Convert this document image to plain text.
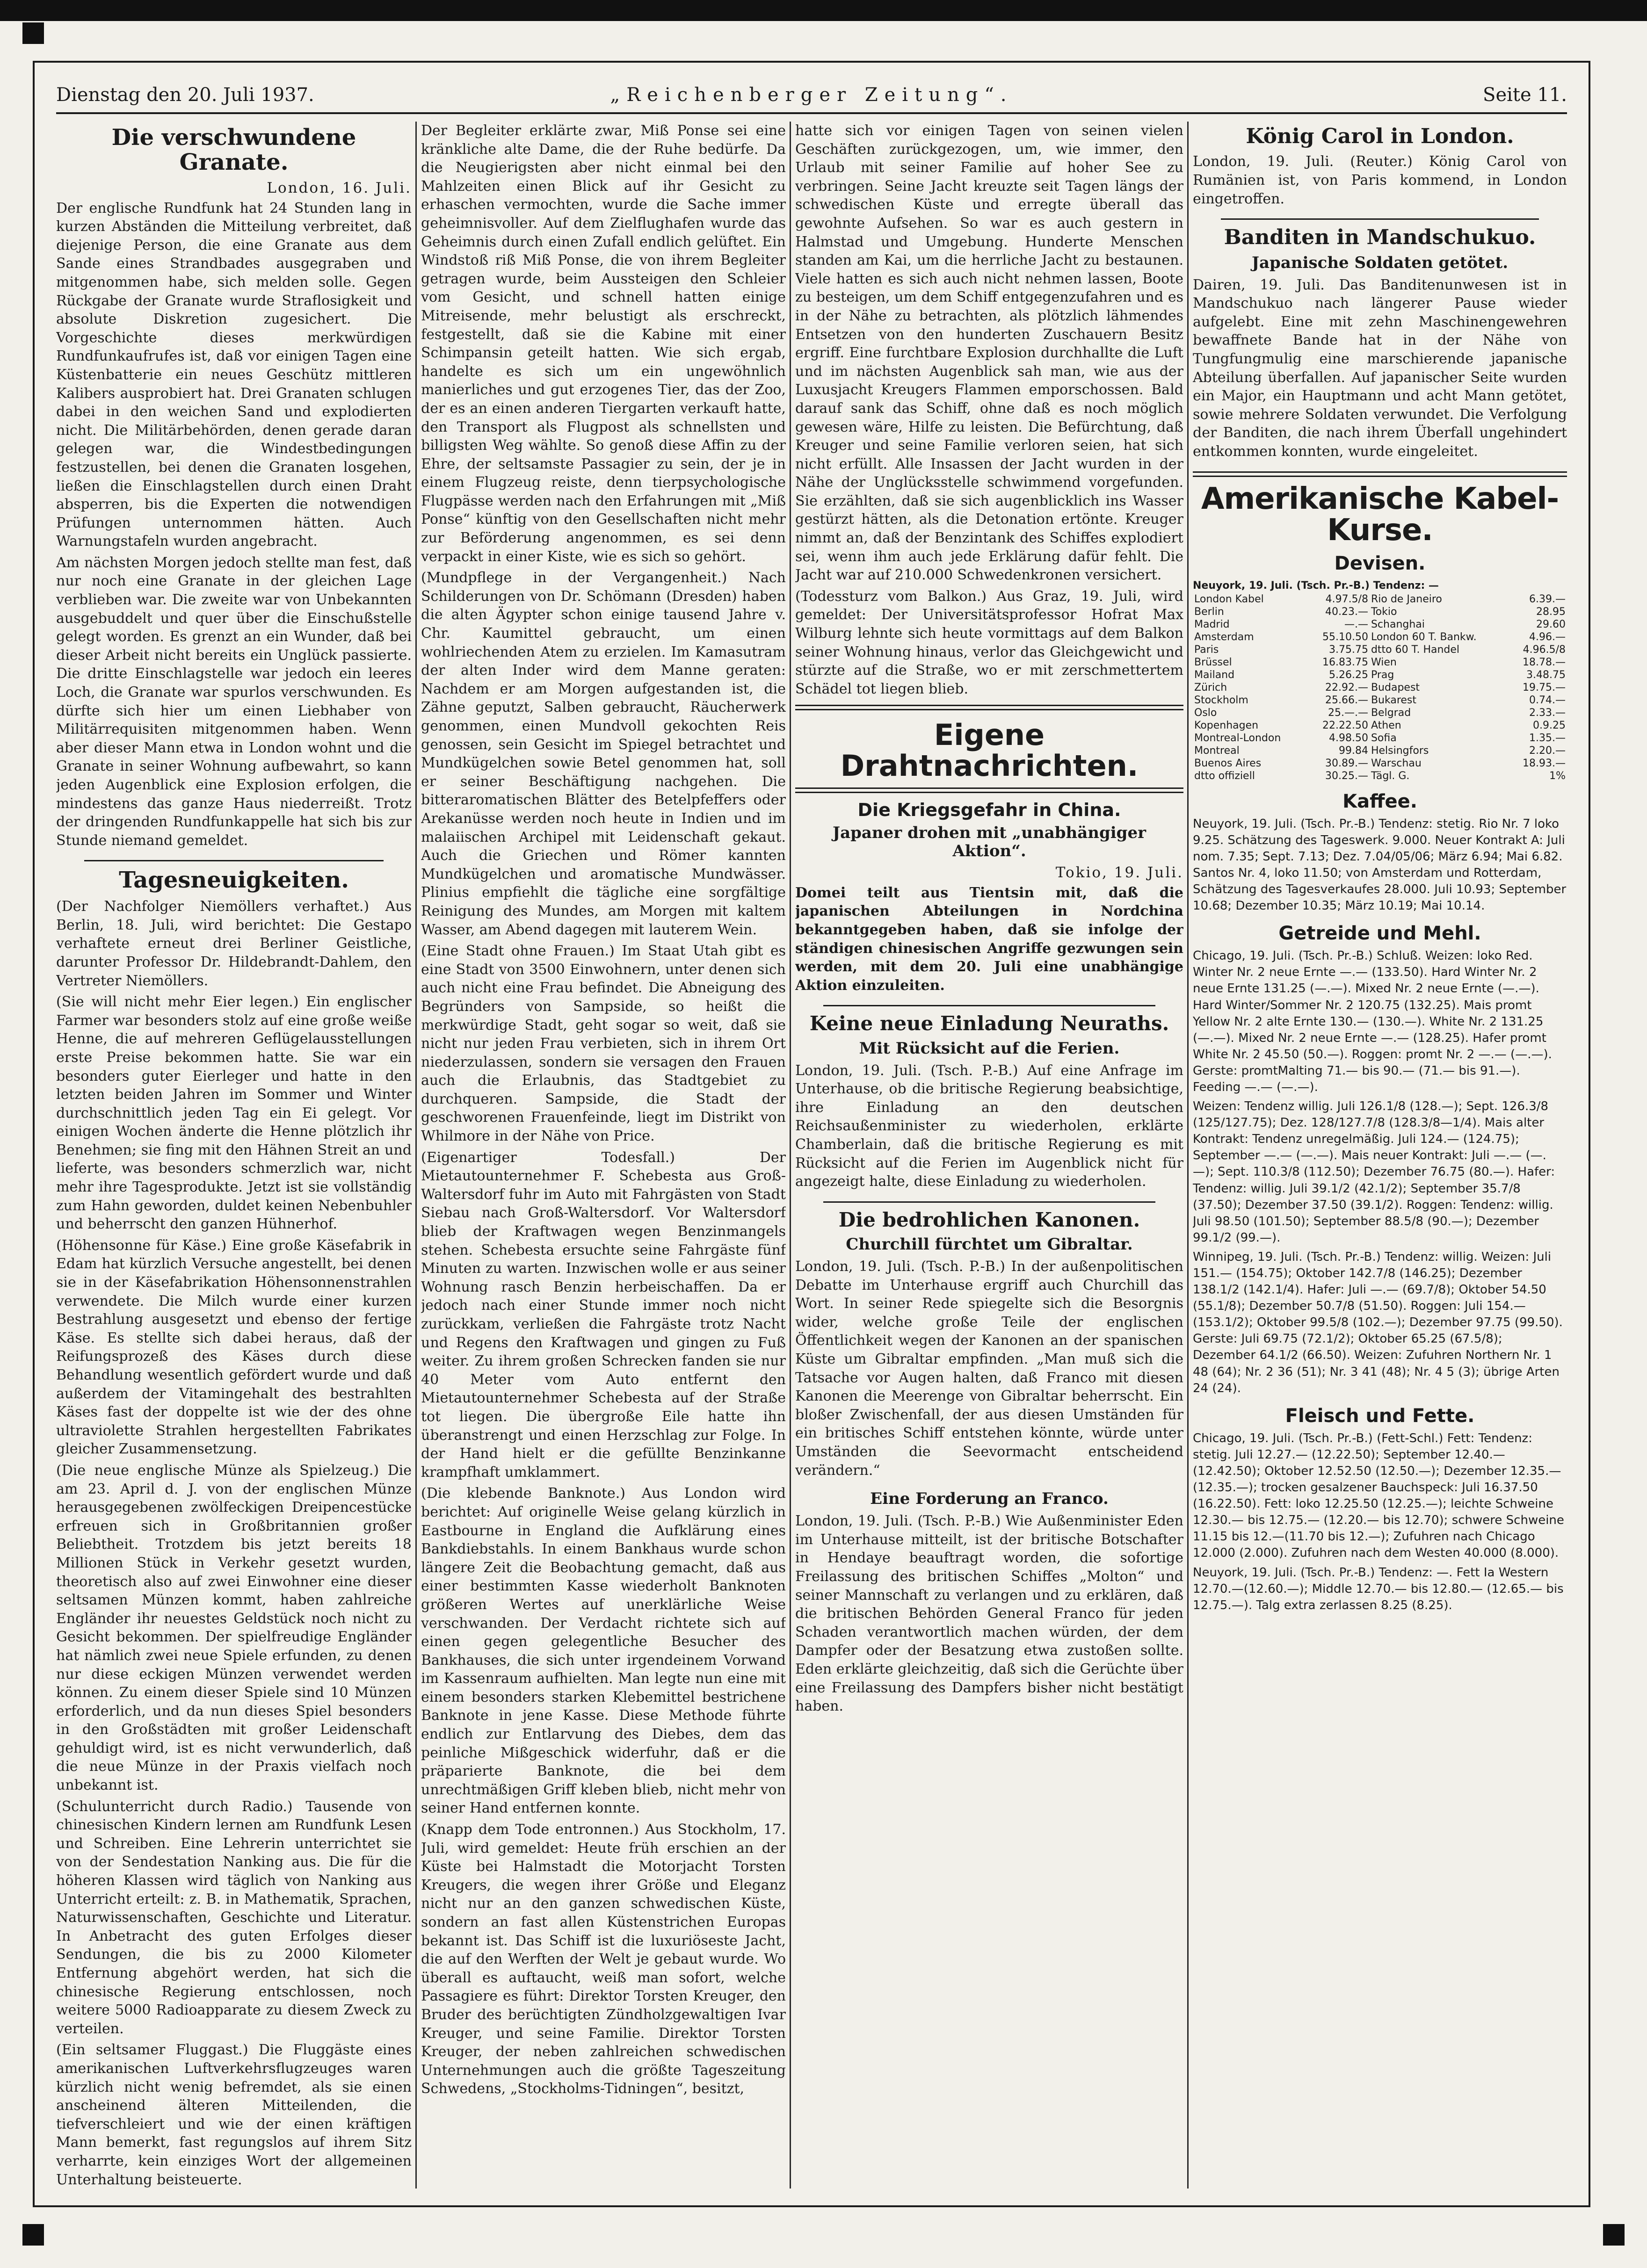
Dienstag den 20. Juli 1937.	„Reichenberger Zeitung“.	Seite 11.
Die verschwundene Granate.
London, 16. Juli.

Der englische Rundfunk hat 24 Stunden lang in kurzen Abständen die Mitteilung verbreitet, daß diejenige Person, die eine Granate aus dem Sande eines Strandbades ausgegraben und mitgenommen habe, sich melden solle. Gegen Rückgabe der Granate wurde Straflosigkeit und absolute Diskretion zugesichert. Die Vorgeschichte dieses merkwürdigen Rundfunkaufrufes ist, daß vor einigen Tagen eine Küstenbatterie ein neues Geschütz mittleren Kalibers ausprobiert hat. Drei Granaten schlugen dabei in den weichen Sand und explodierten nicht. Die Militärbehörden, denen gerade daran gelegen war, die Windestbedingungen festzustellen, bei denen die Granaten losgehen, ließen die Einschlagstellen durch einen Draht absperren, bis die Experten die notwendigen Prüfungen unternommen hätten. Auch Warnungstafeln wurden angebracht.

Am nächsten Morgen jedoch stellte man fest, daß nur noch eine Granate in der gleichen Lage verblieben war. Die zweite war von Unbekannten ausgebuddelt und quer über die Einschußstelle gelegt worden. Es grenzt an ein Wunder, daß bei dieser Arbeit nicht bereits ein Unglück passierte. Die dritte Einschlagstelle war jedoch ein leeres Loch, die Granate war spurlos verschwunden. Es dürfte sich hier um einen Liebhaber von Militärrequisiten mitgenommen haben. Wenn aber dieser Mann etwa in London wohnt und die Granate in seiner Wohnung aufbewahrt, so kann jeden Augenblick eine Explosion erfolgen, die mindestens das ganze Haus niederreißt. Trotz der dringenden Rundfunkappelle hat sich bis zur Stunde niemand gemeldet.

Tagesneuigkeiten.

(Der Nachfolger Niemöllers verhaftet.) Aus Berlin, 18. Juli, wird berichtet: Die Gestapo verhaftete erneut drei Berliner Geistliche, darunter Professor Dr. Hildebrandt-Dahlem, den Vertreter Niemöllers.

(Sie will nicht mehr Eier legen.) Ein englischer Farmer war besonders stolz auf eine große weiße Henne, die auf mehreren Geflügelausstellungen erste Preise bekommen hatte. Sie war ein besonders guter Eierleger und hatte in den letzten beiden Jahren im Sommer und Winter durchschnittlich jeden Tag ein Ei gelegt. Vor einigen Wochen änderte die Henne plötzlich ihr Benehmen; sie fing mit den Hähnen Streit an und lieferte, was besonders schmerzlich war, nicht mehr ihre Tagesprodukte. Jetzt ist sie vollständig zum Hahn geworden, duldet keinen Nebenbuhler und beherrscht den ganzen Hühnerhof.

(Höhensonne für Käse.) Eine große Käsefabrik in Edam hat kürzlich Versuche angestellt, bei denen sie in der Käsefabrikation Höhensonnenstrahlen verwendete. Die Milch wurde einer kurzen Bestrahlung ausgesetzt und ebenso der fertige Käse. Es stellte sich dabei heraus, daß der Reifungsprozeß des Käses durch diese Behandlung wesentlich gefördert wurde und daß außerdem der Vitamingehalt des bestrahlten Käses fast der doppelte ist wie der des ohne ultraviolette Strahlen hergestellten Fabrikates gleicher Zusammensetzung.

(Die neue englische Münze als Spielzeug.) Die am 23. April d. J. von der englischen Münze herausgegebenen zwölfeckigen Dreipencestücke erfreuen sich in Großbritannien großer Beliebtheit. Trotzdem bis jetzt bereits 18 Millionen Stück in Verkehr gesetzt wurden, theoretisch also auf zwei Einwohner eine dieser seltsamen Münzen kommt, haben zahlreiche Engländer ihr neuestes Geldstück noch nicht zu Gesicht bekommen. Der spielfreudige Engländer hat nämlich zwei neue Spiele erfunden, zu denen nur diese eckigen Münzen verwendet werden können. Zu einem dieser Spiele sind 10 Münzen erforderlich, und da nun dieses Spiel besonders in den Großstädten mit großer Leidenschaft gehuldigt wird, ist es nicht verwunderlich, daß die neue Münze in der Praxis vielfach noch unbekannt ist.

(Schulunterricht durch Radio.) Tausende von chinesischen Kindern lernen am Rundfunk Lesen und Schreiben. Eine Lehrerin unterrichtet sie von der Sendestation Nanking aus. Die für die höheren Klassen wird täglich von Nanking aus Unterricht erteilt: z. B. in Mathematik, Sprachen, Naturwissenschaften, Geschichte und Literatur. In Anbetracht des guten Erfolges dieser Sendungen, die bis zu 2000 Kilometer Entfernung abgehört werden, hat sich die chinesische Regierung entschlossen, noch weitere 5000 Radioapparate zu diesem Zweck zu verteilen.

(Ein seltsamer Fluggast.) Die Fluggäste eines amerikanischen Luftverkehrsflugzeuges waren kürzlich nicht wenig befremdet, als sie einen anscheinend älteren Mitteilenden, die tiefverschleiert und wie der einen kräftigen Mann bemerkt, fast regungslos auf ihrem Sitz verharrte, kein einziges Wort der allgemeinen Unterhaltung beisteuerte.

Der Begleiter erklärte zwar, Miß Ponse sei eine kränkliche alte Dame, die der Ruhe bedürfe. Da die Neugierigsten aber nicht einmal bei den Mahlzeiten einen Blick auf ihr Gesicht zu erhaschen vermochten, wurde die Sache immer geheimnisvoller. Auf dem Zielflughafen wurde das Geheimnis durch einen Zufall endlich gelüftet. Ein Windstoß riß Miß Ponse, die von ihrem Begleiter getragen wurde, beim Aussteigen den Schleier vom Gesicht, und schnell hatten einige Mitreisende, mehr belustigt als erschreckt, festgestellt, daß sie die Kabine mit einer Schimpansin geteilt hatten. Wie sich ergab, handelte es sich um ein ungewöhnlich manierliches und gut erzogenes Tier, das der Zoo, der es an einen anderen Tiergarten verkauft hatte, den Transport als Flugpost als schnellsten und billigsten Weg wählte. So genoß diese Affin zu der Ehre, der seltsamste Passagier zu sein, der je in einem Flugzeug reiste, denn tierpsychologische Flugpässe werden nach den Erfahrungen mit „Miß Ponse“ künftig von den Gesellschaften nicht mehr zur Beförderung angenommen, es sei denn verpackt in einer Kiste, wie es sich so gehört.

(Mundpflege in der Vergangenheit.) Nach Schilderungen von Dr. Schömann (Dresden) haben die alten Ägypter schon einige tausend Jahre v. Chr. Kaumittel gebraucht, um einen wohlriechenden Atem zu erzielen. Im Kamasutram der alten Inder wird dem Manne geraten: Nachdem er am Morgen aufgestanden ist, die Zähne geputzt, Salben gebraucht, Räucherwerk genommen, einen Mundvoll gekochten Reis genossen, sein Gesicht im Spiegel betrachtet und Mundkügelchen sowie Betel genommen hat, soll er seiner Beschäftigung nachgehen. Die bitteraromatischen Blätter des Betelpfeffers oder Arekanüsse werden noch heute in Indien und im malaiischen Archipel mit Leidenschaft gekaut. Auch die Griechen und Römer kannten Mundkügelchen und aromatische Mundwässer. Plinius empfiehlt die tägliche eine sorgfältige Reinigung des Mundes, am Morgen mit kaltem Wasser, am Abend dagegen mit lauterem Wein.

(Eine Stadt ohne Frauen.) Im Staat Utah gibt es eine Stadt von 3500 Einwohnern, unter denen sich auch nicht eine Frau befindet. Die Abneigung des Begründers von Sampside, so heißt die merkwürdige Stadt, geht sogar so weit, daß sie nicht nur jeden Frau verbieten, sich in ihrem Ort niederzulassen, sondern sie versagen den Frauen auch die Erlaubnis, das Stadtgebiet zu durchqueren. Sampside, die Stadt der geschworenen Frauenfeinde, liegt im Distrikt von Whilmore in der Nähe von Price.

(Eigenartiger Todesfall.) Der Mietautounternehmer F. Schebesta aus Groß-Waltersdorf fuhr im Auto mit Fahrgästen von Stadt Siebau nach Groß-Waltersdorf. Vor Waltersdorf blieb der Kraftwagen wegen Benzinmangels stehen. Schebesta ersuchte seine Fahrgäste fünf Minuten zu warten. Inzwischen wolle er aus seiner Wohnung rasch Benzin herbeischaffen. Da er jedoch nach einer Stunde immer noch nicht zurückkam, verließen die Fahrgäste trotz Nacht und Regens den Kraftwagen und gingen zu Fuß weiter. Zu ihrem großen Schrecken fanden sie nur 40 Meter vom Auto entfernt den Mietautounternehmer Schebesta auf der Straße tot liegen. Die übergroße Eile hatte ihn überanstrengt und einen Herzschlag zur Folge. In der Hand hielt er die gefüllte Benzinkanne krampfhaft umklammert.

(Die klebende Banknote.) Aus London wird berichtet: Auf originelle Weise gelang kürzlich in Eastbourne in England die Aufklärung eines Bankdiebstahls. In einem Bankhaus wurde schon längere Zeit die Beobachtung gemacht, daß aus einer bestimmten Kasse wiederholt Banknoten größeren Wertes auf unerklärliche Weise verschwanden. Der Verdacht richtete sich auf einen gegen gelegentliche Besucher des Bankhauses, die sich unter irgendeinem Vorwand im Kassenraum aufhielten. Man legte nun eine mit einem besonders starken Klebemittel bestrichene Banknote in jene Kasse. Diese Methode führte endlich zur Entlarvung des Diebes, dem das peinliche Mißgeschick widerfuhr, daß er die präparierte Banknote, die bei dem unrechtmäßigen Griff kleben blieb, nicht mehr von seiner Hand entfernen konnte.

(Knapp dem Tode entronnen.) Aus Stockholm, 17. Juli, wird gemeldet: Heute früh erschien an der Küste bei Halmstadt die Motorjacht Torsten Kreugers, die wegen ihrer Größe und Eleganz nicht nur an den ganzen schwedischen Küste, sondern an fast allen Küstenstrichen Europas bekannt ist. Das Schiff ist die luxuriöseste Jacht, die auf den Werften der Welt je gebaut wurde. Wo überall es auftaucht, weiß man sofort, welche Passagiere es führt: Direktor Torsten Kreuger, den Bruder des berüchtigten Zündholzgewaltigen Ivar Kreuger, und seine Familie. Direktor Torsten Kreuger, der neben zahlreichen schwedischen Unternehmungen auch die größte Tageszeitung Schwedens, „Stockholms-Tidningen“, besitzt,

hatte sich vor einigen Tagen von seinen vielen Geschäften zurückgezogen, um, wie immer, den Urlaub mit seiner Familie auf hoher See zu verbringen. Seine Jacht kreuzte seit Tagen längs der schwedischen Küste und erregte überall das gewohnte Aufsehen. So war es auch gestern in Halmstad und Umgebung. Hunderte Menschen standen am Kai, um die herrliche Jacht zu bestaunen. Viele hatten es sich auch nicht nehmen lassen, Boote zu besteigen, um dem Schiff entgegenzufahren und es in der Nähe zu betrachten, als plötzlich lähmendes Entsetzen von den hunderten Zuschauern Besitz ergriff. Eine furchtbare Explosion durchhallte die Luft und im nächsten Augenblick sah man, wie aus der Luxusjacht Kreugers Flammen emporschossen. Bald darauf sank das Schiff, ohne daß es noch möglich gewesen wäre, Hilfe zu leisten. Die Befürchtung, daß Kreuger und seine Familie verloren seien, hat sich nicht erfüllt. Alle Insassen der Jacht wurden in der Nähe der Unglücksstelle schwimmend vorgefunden. Sie erzählten, daß sie sich augenblicklich ins Wasser gestürzt hätten, als die Detonation ertönte. Kreuger nimmt an, daß der Benzintank des Schiffes explodiert sei, wenn ihm auch jede Erklärung dafür fehlt. Die Jacht war auf 210.000 Schwedenkronen versichert.

(Todessturz vom Balkon.) Aus Graz, 19. Juli, wird gemeldet: Der Universitätsprofessor Hofrat Max Wilburg lehnte sich heute vormittags auf dem Balkon seiner Wohnung hinaus, verlor das Gleichgewicht und stürzte auf die Straße, wo er mit zerschmettertem Schädel tot liegen blieb.

Eigene Drahtnachrichten.
Die Kriegsgefahr in China.
Japaner drohen mit „unabhängiger Aktion“.
Tokio, 19. Juli.

Domei teilt aus Tientsin mit, daß die japanischen Abteilungen in Nordchina bekanntgegeben haben, daß sie infolge der ständigen chinesischen Angriffe gezwungen sein werden, mit dem 20. Juli eine unabhängige Aktion einzuleiten.

Keine neue Einladung Neuraths.
Mit Rücksicht auf die Ferien.

London, 19. Juli. (Tsch. P.-B.) Auf eine Anfrage im Unterhause, ob die britische Regierung beabsichtige, ihre Einladung an den deutschen Reichsaußenminister zu wiederholen, erklärte Chamberlain, daß die britische Regierung es mit Rücksicht auf die Ferien im Augenblick nicht für angezeigt halte, diese Einladung zu wiederholen.

Die bedrohlichen Kanonen.
Churchill fürchtet um Gibraltar.

London, 19. Juli. (Tsch. P.-B.) In der außenpolitischen Debatte im Unterhause ergriff auch Churchill das Wort. In seiner Rede spiegelte sich die Besorgnis wider, welche große Teile der englischen Öffentlichkeit wegen der Kanonen an der spanischen Küste um Gibraltar empfinden. „Man muß sich die Tatsache vor Augen halten, daß Franco mit diesen Kanonen die Meerenge von Gibraltar beherrscht. Ein bloßer Zwischenfall, der aus diesen Umständen für ein britisches Schiff entstehen könnte, würde unter Umständen die Seevormacht entscheidend verändern.“

Eine Forderung an Franco.

London, 19. Juli. (Tsch. P.-B.) Wie Außenminister Eden im Unterhause mitteilt, ist der britische Botschafter in Hendaye beauftragt worden, die sofortige Freilassung des britischen Schiffes „Molton“ und seiner Mannschaft zu verlangen und zu erklären, daß die britischen Behörden General Franco für jeden Schaden verantwortlich machen würden, der dem Dampfer oder der Besatzung etwa zustoßen sollte. Eden erklärte gleichzeitig, daß sich die Gerüchte über eine Freilassung des Dampfers bisher nicht bestätigt haben.

König Carol in London.

London, 19. Juli. (Reuter.) König Carol von Rumänien ist, von Paris kommend, in London eingetroffen.

Banditen in Mandschukuo.
Japanische Soldaten getötet.

Dairen, 19. Juli. Das Banditenunwesen ist in Mandschukuo nach längerer Pause wieder aufgelebt. Eine mit zehn Maschinengewehren bewaffnete Bande hat in der Nähe von Tungfungmulig eine marschierende japanische Abteilung überfallen. Auf japanischer Seite wurden ein Major, ein Hauptmann und acht Mann getötet, sowie mehrere Soldaten verwundet. Die Verfolgung der Banditen, die nach ihrem Überfall ungehindert entkommen konnten, wurde eingeleitet.

Amerikanische Kabel-Kurse.
Devisen.
Neuyork, 19. Juli. (Tsch. Pr.-B.) Tendenz: —
London Kabel	4.97.5/8	Rio de Janeiro	6.39.—
Berlin	40.23.—	Tokio	28.95
Madrid	—.—	Schanghai	29.60
Amsterdam	55.10.50	London 60 T. Bankw.	4.96.—
Paris	3.75.75	dtto 60 T. Handel	4.96.5/8
Brüssel	16.83.75	Wien	18.78.—
Mailand	5.26.25	Prag	3.48.75
Zürich	22.92.—	Budapest	19.75.—
Stockholm	25.66.—	Bukarest	0.74.—
Oslo	25.—.—	Belgrad	2.33.—
Kopenhagen	22.22.50	Athen	0.9.25
Montreal-London	4.98.50	Sofia	1.35.—
Montreal	99.84	Helsingfors	2.20.—
Buenos Aires	30.89.—	Warschau	18.93.—
dtto offiziell	30.25.—	Tägl. G.	1%
Kaffee.
Neuyork, 19. Juli. (Tsch. Pr.-B.) Tendenz: stetig. Rio Nr. 7 loko 9.25. Schätzung des Tageswerk. 9.000. Neuer Kontrakt A: Juli nom. 7.35; Sept. 7.13; Dez. 7.04/05/06; März 6.94; Mai 6.82. Santos Nr. 4, loko 11.50; von Amsterdam und Rotterdam, Schätzung des Tagesverkaufes 28.000. Juli 10.93; September 10.68; Dezember 10.35; März 10.19; Mai 10.14.
Getreide und Mehl.
Chicago, 19. Juli. (Tsch. Pr.-B.) Schluß. Weizen: loko Red. Winter Nr. 2 neue Ernte —.— (133.50). Hard Winter Nr. 2 neue Ernte 131.25 (—.—). Mixed Nr. 2 neue Ernte (—.—). Hard Winter/Sommer Nr. 2 120.75 (132.25). Mais promt Yellow Nr. 2 alte Ernte 130.— (130.—). White Nr. 2 131.25 (—.—). Mixed Nr. 2 neue Ernte —.— (128.25). Hafer promt White Nr. 2 45.50 (50.—). Roggen: promt Nr. 2 —.— (—.—). Gerste: promtMalting 71.— bis 90.— (71.— bis 91.—). Feeding —.— (—.—).
Weizen: Tendenz willig. Juli 126.1/8 (128.—); Sept. 126.3/8 (125/127.75); Dez. 128/127.7/8 (128.3/8—1/4). Mais alter Kontrakt: Tendenz unregelmäßig. Juli 124.— (124.75); September —.— (—.—). Mais neuer Kontrakt: Juli —.— (—.—); Sept. 110.3/8 (112.50); Dezember 76.75 (80.—). Hafer: Tendenz: willig. Juli 39.1/2 (42.1/2); September 35.7/8 (37.50); Dezember 37.50 (39.1/2). Roggen: Tendenz: willig. Juli 98.50 (101.50); September 88.5/8 (90.—); Dezember 99.1/2 (99.—).
Winnipeg, 19. Juli. (Tsch. Pr.-B.) Tendenz: willig. Weizen: Juli 151.— (154.75); Oktober 142.7/8 (146.25); Dezember 138.1/2 (142.1/4). Hafer: Juli —.— (69.7/8); Oktober 54.50 (55.1/8); Dezember 50.7/8 (51.50). Roggen: Juli 154.— (153.1/2); Oktober 99.5/8 (102.—); Dezember 97.75 (99.50). Gerste: Juli 69.75 (72.1/2); Oktober 65.25 (67.5/8); Dezember 64.1/2 (66.50). Weizen: Zufuhren Northern Nr. 1 48 (64); Nr. 2 36 (51); Nr. 3 41 (48); Nr. 4 5 (3); übrige Arten 24 (24).
Fleisch und Fette.
Chicago, 19. Juli. (Tsch. Pr.-B.) (Fett-Schl.) Fett: Tendenz: stetig. Juli 12.27.— (12.22.50); September 12.40.— (12.42.50); Oktober 12.52.50 (12.50.—); Dezember 12.35.— (12.35.—); trocken gesalzener Bauchspeck: Juli 16.37.50 (16.22.50). Fett: loko 12.25.50 (12.25.—); leichte Schweine 12.30.— bis 12.75.— (12.20.— bis 12.70); schwere Schweine 11.15 bis 12.—(11.70 bis 12.—); Zufuhren nach Chicago 12.000 (2.000). Zufuhren nach dem Westen 40.000 (8.000).
Neuyork, 19. Juli. (Tsch. Pr.-B.) Tendenz: —. Fett Ia Western 12.70.—(12.60.—); Middle 12.70.— bis 12.80.— (12.65.— bis 12.75.—). Talg extra zerlassen 8.25 (8.25).
